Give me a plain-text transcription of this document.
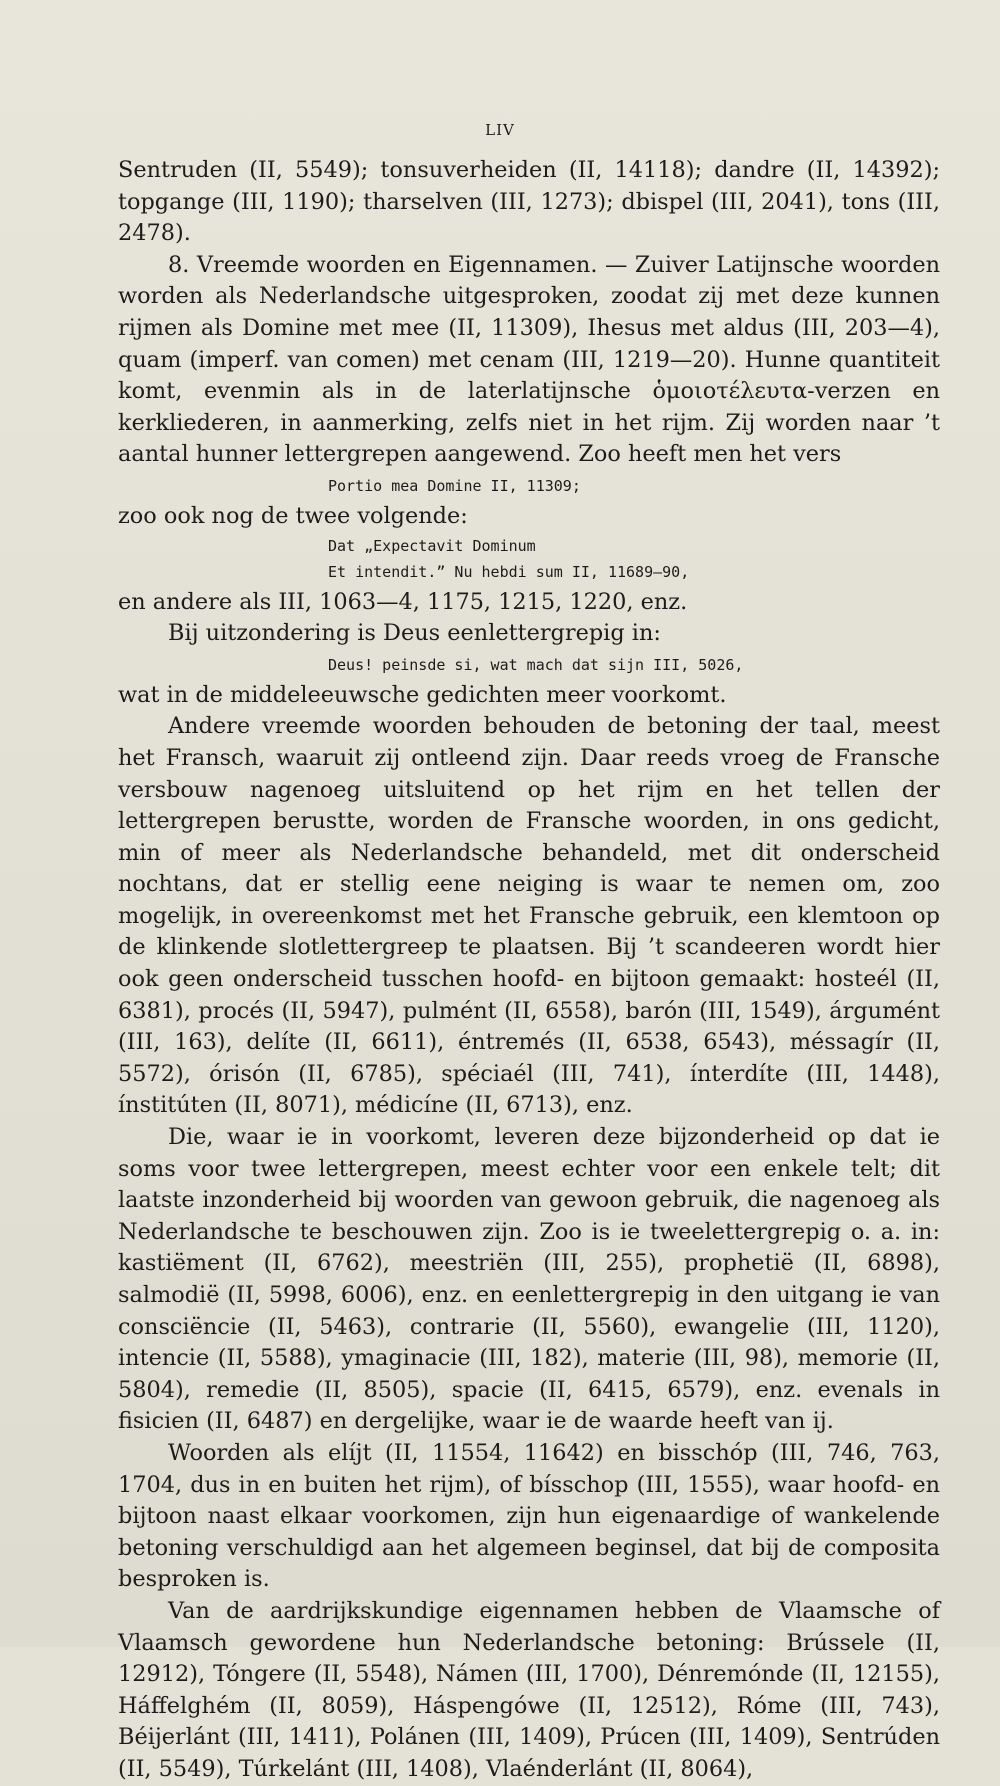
LIV

Sentruden (II, 5549); tonsuverheiden (II, 14118); dandre (II, 14392); topgange (III, 1190); tharselven (III, 1273); dbispel (III, 2041), tons (III, 2478).

8. Vreemde woorden en Eigennamen. — Zuiver Latijnsche woorden worden als Nederlandsche uitgesproken, zoodat zij met deze kunnen rijmen als Domine met mee (II, 11309), Ihesus met aldus (III, 203—4), quam (imperf. van comen) met cenam (III, 1219—20). Hunne quantiteit komt, evenmin als in de laterlatijnsche ὁμοιοτέλευτα-verzen en kerkliederen, in aanmerking, zelfs niet in het rijm. Zij worden naar ’t aantal hunner lettergrepen aangewend. Zoo heeft men het vers

Portio mea Domine II, 11309;

zoo ook nog de twee volgende:

Dat „Expectavit Dominum

Et intendit.” Nu hebdi sum II, 11689—90,

en andere als III, 1063—4, 1175, 1215, 1220, enz.

Bij uitzondering is Deus eenlettergrepig in:

Deus! peinsde si, wat mach dat sijn III, 5026,

wat in de middeleeuwsche gedichten meer voorkomt.

Andere vreemde woorden behouden de betoning der taal, meest het Fransch, waaruit zij ontleend zijn. Daar reeds vroeg de Fransche versbouw nagenoeg uitsluitend op het rijm en het tellen der lettergrepen berustte, worden de Fransche woorden, in ons gedicht, min of meer als Nederlandsche behandeld, met dit onderscheid nochtans, dat er stellig eene neiging is waar te nemen om, zoo mogelijk, in overeenkomst met het Fransche gebruik, een klemtoon op de klinkende slotlettergreep te plaatsen. Bij ’t scandeeren wordt hier ook geen onderscheid tusschen hoofd- en bijtoon gemaakt: hosteél (II, 6381), procés (II, 5947), pulmént (II, 6558), barón (III, 1549), árgumént (III, 163), delíte (II, 6611), éntremés (II, 6538, 6543), méssagír (II, 5572), órisón (II, 6785), spéciaél (III, 741), ínterdíte (III, 1448), ínstitúten (II, 8071), médicíne (II, 6713), enz.

Die, waar ie in voorkomt, leveren deze bijzonderheid op dat ie soms voor twee lettergrepen, meest echter voor een enkele telt; dit laatste inzonderheid bij woorden van gewoon gebruik, die nagenoeg als Nederlandsche te beschouwen zijn. Zoo is ie tweelettergrepig o. a. in: kastiëment (II, 6762), meestriën (III, 255), prophetië (II, 6898), salmodië (II, 5998, 6006), enz. en eenlettergrepig in den uitgang ie van consciëncie (II, 5463), contrarie (II, 5560), ewangelie (III, 1120), intencie (II, 5588), ymaginacie (III, 182), materie (III, 98), memorie (II, 5804), remedie (II, 8505), spacie (II, 6415, 6579), enz. evenals in fisicien (II, 6487) en dergelijke, waar ie de waarde heeft van ij.

Woorden als elíjt (II, 11554, 11642) en bisschóp (III, 746, 763, 1704, dus in en buiten het rijm), of bísschop (III, 1555), waar hoofd- en bijtoon naast elkaar voorkomen, zijn hun eigenaardige of wankelende betoning verschuldigd aan het algemeen beginsel, dat bij de composita besproken is.

Van de aardrijkskundige eigennamen hebben de Vlaamsche of Vlaamsch gewordene hun Nederlandsche betoning: Brússele (II, 12912), Tóngere (II, 5548), Námen (III, 1700), Dénremónde (II, 12155), Háffelghém (II, 8059), Háspengówe (II, 12512), Róme (III, 743), Béijerlánt (III, 1411), Polánen (III, 1409), Prúcen (III, 1409), Sentrúden (II, 5549), Túrkelánt (III, 1408), Vlaénderlánt (II, 8064),
